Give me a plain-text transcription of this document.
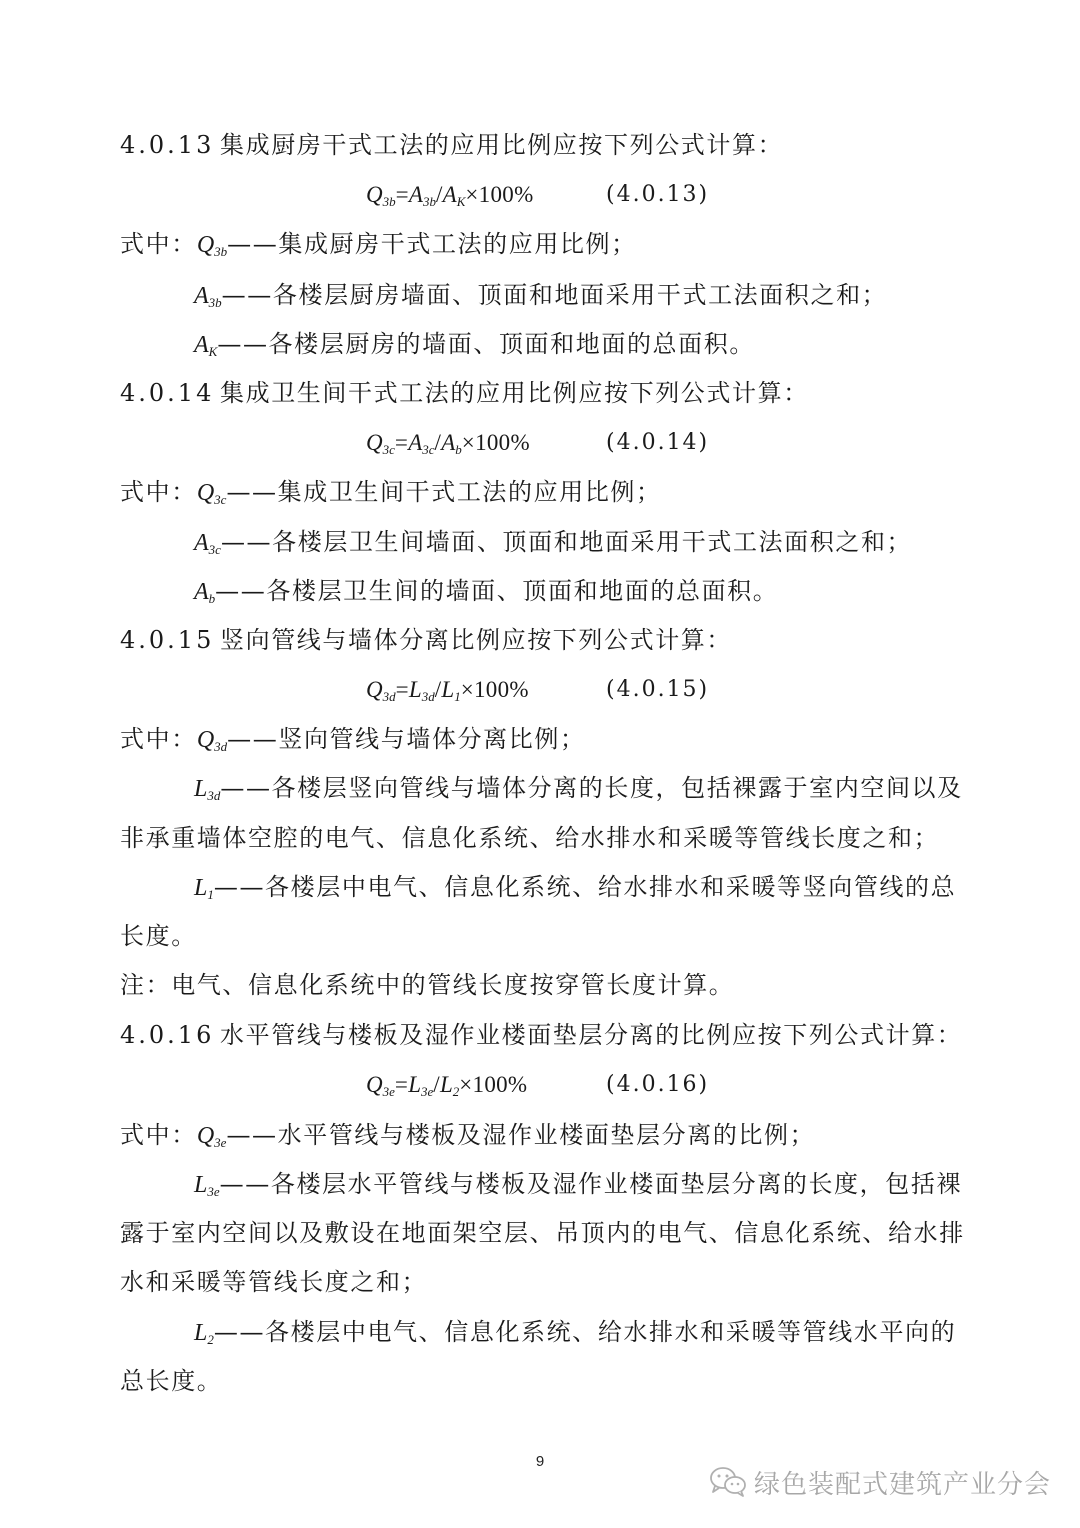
4.0.13 集成厨房干式工法的应用比例应按下列公式计算：
$Q_{3b}=A_{3b}/A_K\times 100\%$	(4.0.13)
式中：$Q_{3b}——$集成厨房干式工法的应用比例；
$A_{3b}——$各楼层厨房墙面、顶面和地面采用干式工法面积之和；
$A_K——$各楼层厨房的墙面、顶面和地面的总面积。
4.0.14 集成卫生间干式工法的应用比例应按下列公式计算：
$Q_{3c}=A_{3c}/A_b\times 100\%$	(4.0.14)
式中：$Q_{3c}——$集成卫生间干式工法的应用比例；
$A_{3c}——$各楼层卫生间墙面、顶面和地面采用干式工法面积之和；
$A_b——$各楼层卫生间的墙面、顶面和地面的总面积。
4.0.15 竖向管线与墙体分离比例应按下列公式计算：
$Q_{3d}=L_{3d}/L_1\times 100\%$	(4.0.15)
式中：$Q_{3d}——$竖向管线与墙体分离比例；
$L_{3d}——$各楼层竖向管线与墙体分离的长度，包括裸露于室内空间以及
非承重墙体空腔的电气、信息化系统、给水排水和采暖等管线长度之和；
$L_1——$各楼层中电气、信息化系统、给水排水和采暖等竖向管线的总
长度。
注：电气、信息化系统中的管线长度按穿管长度计算。
4.0.16 水平管线与楼板及湿作业楼面垫层分离的比例应按下列公式计算：
$Q_{3e}=L_{3e}/L_2\times 100\%$	(4.0.16)
式中：$Q_{3e}——$水平管线与楼板及湿作业楼面垫层分离的比例；
$L_{3e}——$各楼层水平管线与楼板及湿作业楼面垫层分离的长度，包括裸
露于室内空间以及敷设在地面架空层、吊顶内的电气、信息化系统、给水排
水和采暖等管线长度之和；
$L_2——$各楼层中电气、信息化系统、给水排水和采暖等管线水平向的
总长度。
9
绿色装配式建筑产业分会
